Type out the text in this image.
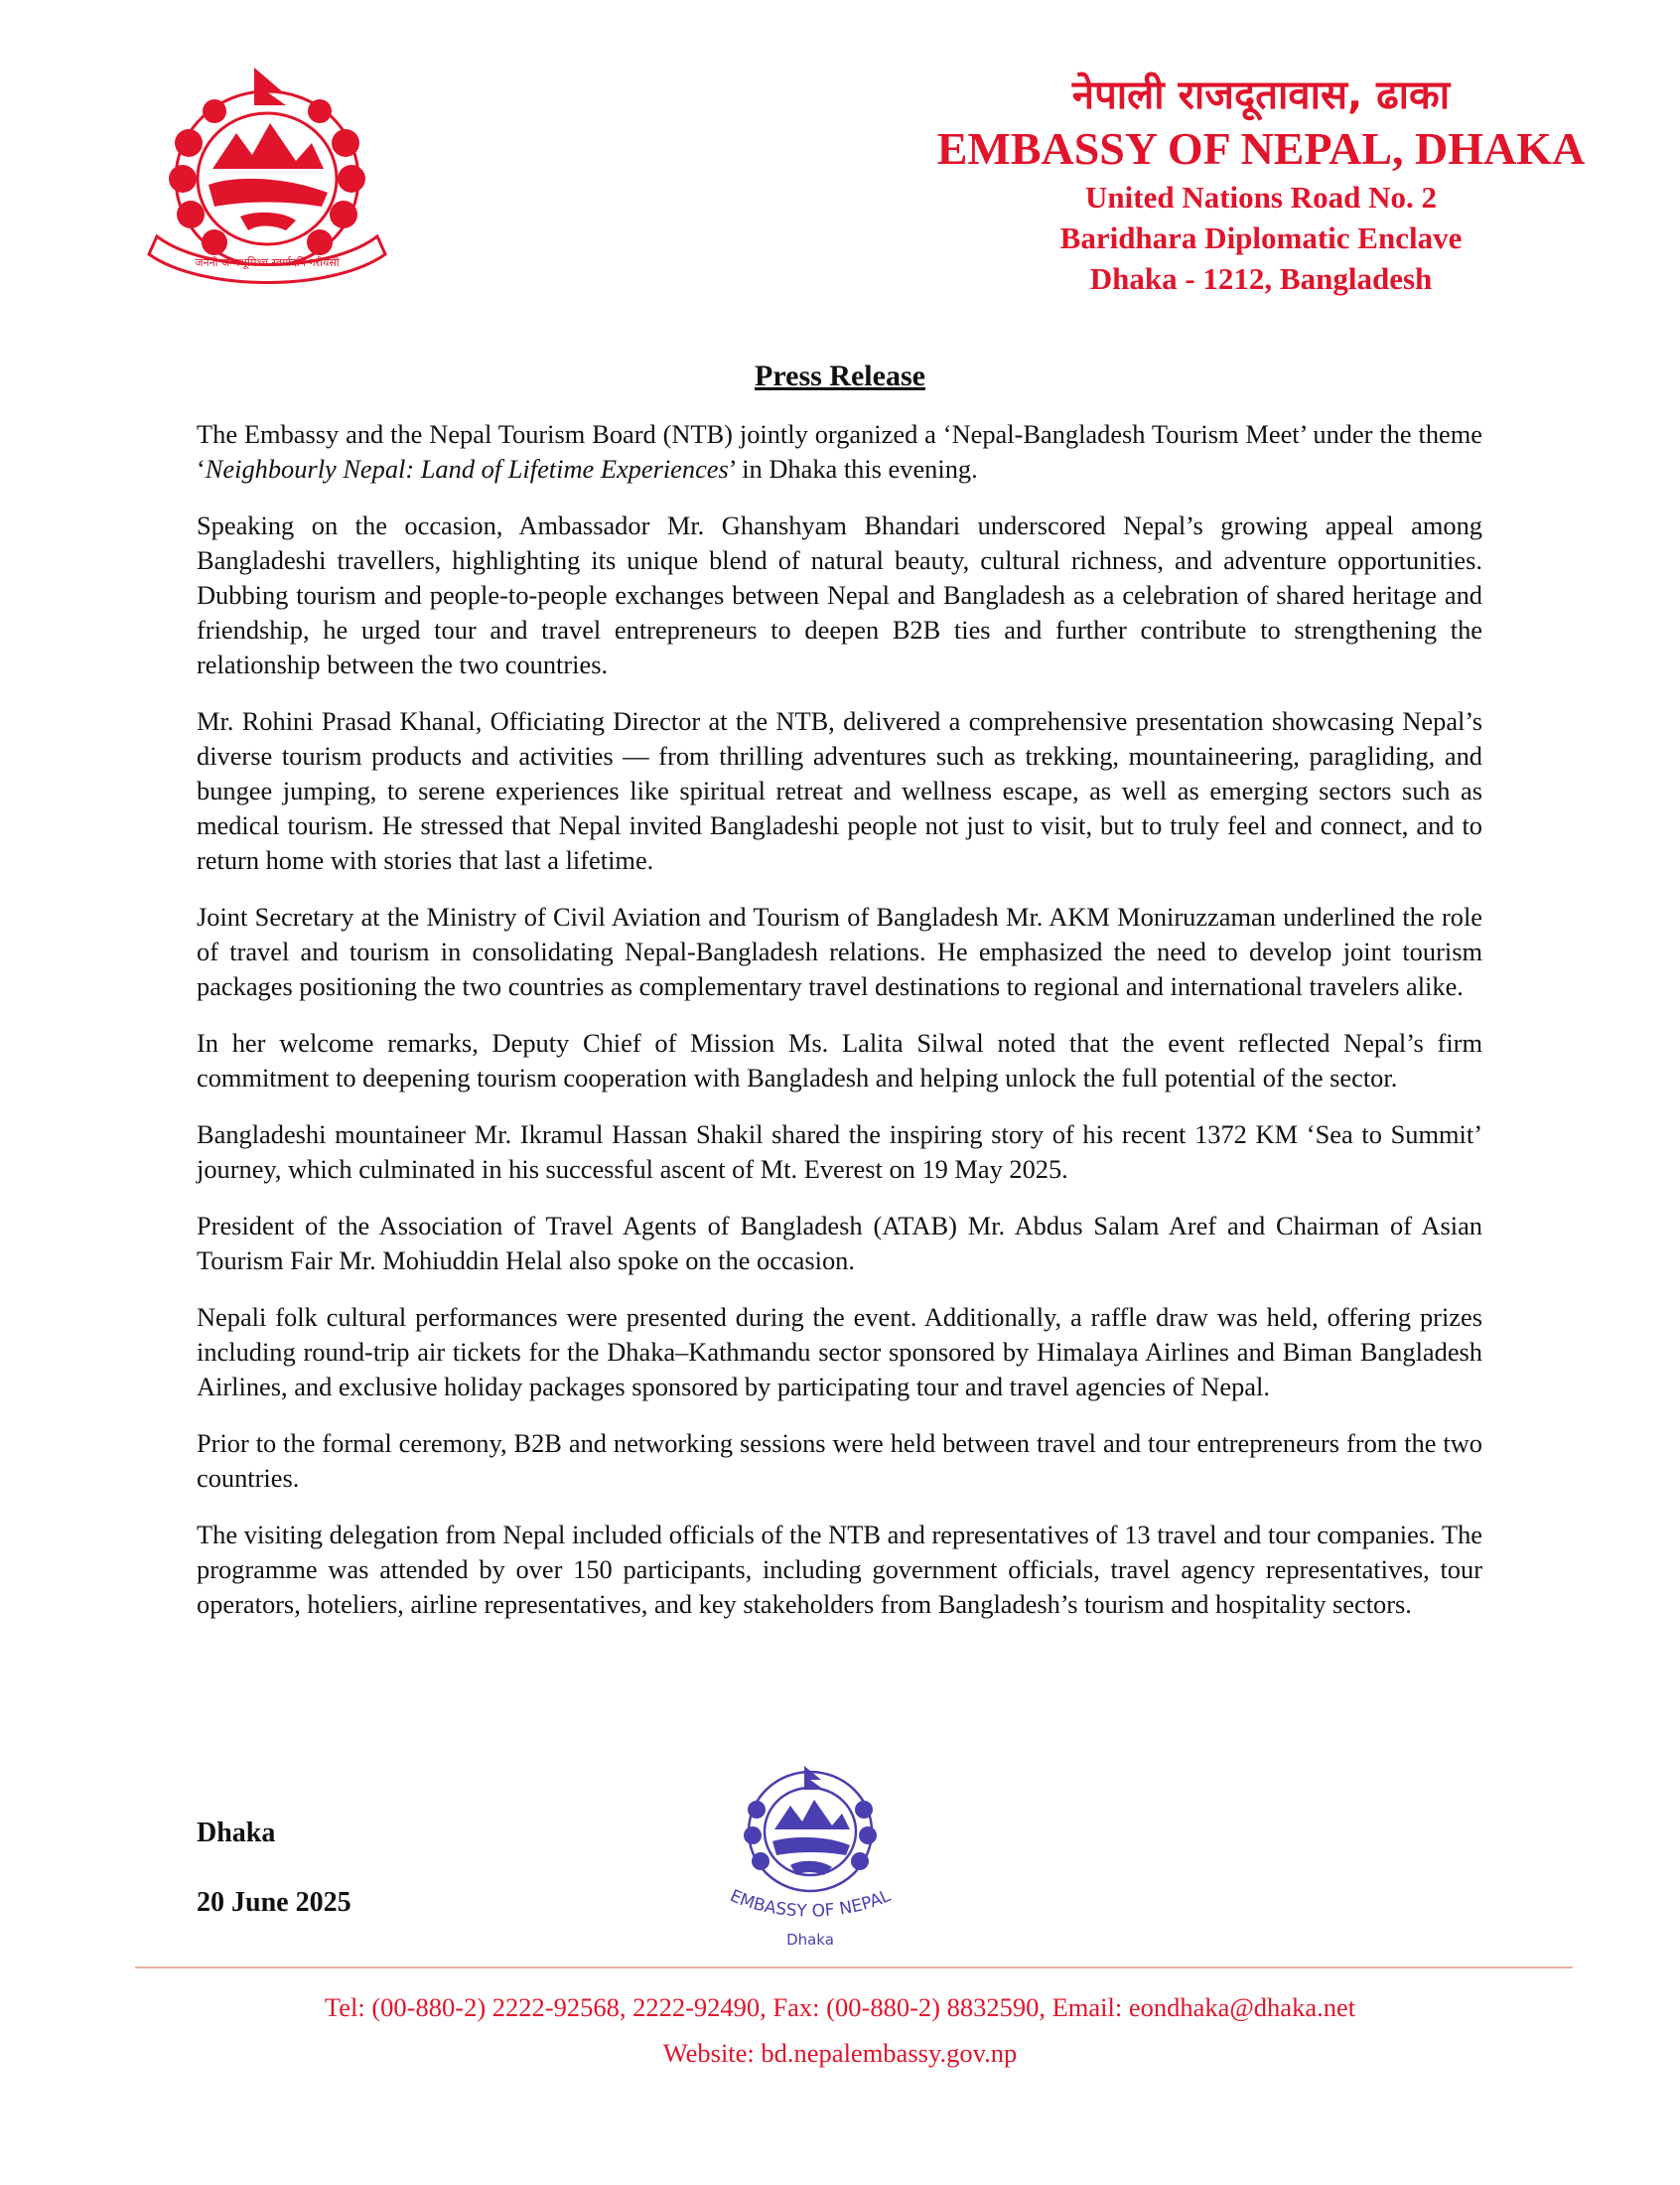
जननी जन्मभूमिश्च स्वर्गादपि गरीयसी

नेपाली राजदूतावास, ढाका

EMBASSY OF NEPAL, DHAKA

United Nations Road No. 2

Baridhara Diplomatic Enclave

Dhaka - 1212, Bangladesh

Press Release

The Embassy and the Nepal Tourism Board (NTB) jointly organized a ‘Nepal-Bangladesh Tourism Meet’ under the theme ‘Neighbourly Nepal: Land of Lifetime Experiences’ in Dhaka this evening.

Speaking on the occasion, Ambassador Mr. Ghanshyam Bhandari underscored Nepal’s growing appeal among Bangladeshi travellers, highlighting its unique blend of natural beauty, cultural richness, and adventure opportunities. Dubbing tourism and people-to-people exchanges between Nepal and Bangladesh as a celebration of shared heritage and friendship, he urged tour and travel entrepreneurs to deepen B2B ties and further contribute to strengthening the relationship between the two countries.

Mr. Rohini Prasad Khanal, Officiating Director at the NTB, delivered a comprehensive presentation showcasing Nepal’s diverse tourism products and activities — from thrilling adventures such as trekking, mountaineering, paragliding, and bungee jumping, to serene experiences like spiritual retreat and wellness escape, as well as emerging sectors such as medical tourism. He stressed that Nepal invited Bangladeshi people not just to visit, but to truly feel and connect, and to return home with stories that last a lifetime.

Joint Secretary at the Ministry of Civil Aviation and Tourism of Bangladesh Mr. AKM Moniruzzaman underlined the role of travel and tourism in consolidating Nepal-Bangladesh relations. He emphasized the need to develop joint tourism packages positioning the two countries as complementary travel destinations to regional and international travelers alike.

In her welcome remarks, Deputy Chief of Mission Ms. Lalita Silwal noted that the event reflected Nepal’s firm commitment to deepening tourism cooperation with Bangladesh and helping unlock the full potential of the sector.

Bangladeshi mountaineer Mr. Ikramul Hassan Shakil shared the inspiring story of his recent 1372 KM ‘Sea to Summit’ journey, which culminated in his successful ascent of Mt. Everest on 19 May 2025.

President of the Association of Travel Agents of Bangladesh (ATAB) Mr. Abdus Salam Aref and Chairman of Asian Tourism Fair Mr. Mohiuddin Helal also spoke on the occasion.

Nepali folk cultural performances were presented during the event. Additionally, a raffle draw was held, offering prizes including round-trip air tickets for the Dhaka–Kathmandu sector sponsored by Himalaya Airlines and Biman Bangladesh Airlines, and exclusive holiday packages sponsored by participating tour and travel agencies of Nepal.

Prior to the formal ceremony, B2B and networking sessions were held between travel and tour entrepreneurs from the two countries.

The visiting delegation from Nepal included officials of the NTB and representatives of 13 travel and tour companies. The programme was attended by over 150 participants, including government officials, travel agency representatives, tour operators, hoteliers, airline representatives, and key stakeholders from Bangladesh’s tourism and hospitality sectors.

Dhaka

20 June 2025	EMBASSY OF NEPAL
Dhaka

Tel: (00-880-2) 2222-92568, 2222-92490, Fax: (00-880-2) 8832590, Email: eondhaka@dhaka.net

Website: bd.nepalembassy.gov.np
